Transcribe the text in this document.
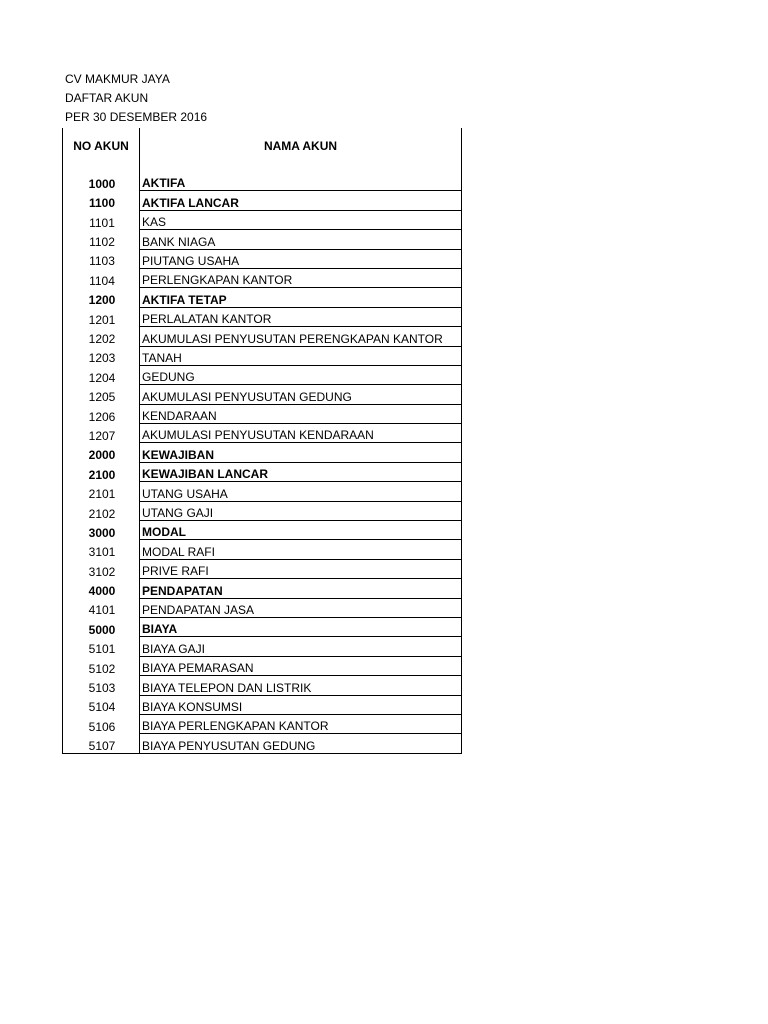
CV MAKMUR JAYA
DAFTAR AKUN
PER 30 DESEMBER 2016
NO AKUN	NAMA AKUN
1000	AKTIFA
1100	AKTIFA LANCAR
1101	KAS
1102	BANK NIAGA
1103	PIUTANG USAHA
1104	PERLENGKAPAN KANTOR
1200	AKTIFA TETAP
1201	PERLALATAN KANTOR
1202	AKUMULASI PENYUSUTAN PERENGKAPAN KANTOR
1203	TANAH
1204	GEDUNG
1205	AKUMULASI PENYUSUTAN GEDUNG
1206	KENDARAAN
1207	AKUMULASI PENYUSUTAN KENDARAAN
2000	KEWAJIBAN
2100	KEWAJIBAN LANCAR
2101	UTANG USAHA
2102	UTANG GAJI
3000	MODAL
3101	MODAL RAFI
3102	PRIVE RAFI
4000	PENDAPATAN
4101	PENDAPATAN JASA
5000	BIAYA
5101	BIAYA GAJI
5102	BIAYA PEMARASAN
5103	BIAYA TELEPON DAN LISTRIK
5104	BIAYA KONSUMSI
5106	BIAYA PERLENGKAPAN KANTOR
5107	BIAYA PENYUSUTAN GEDUNG
